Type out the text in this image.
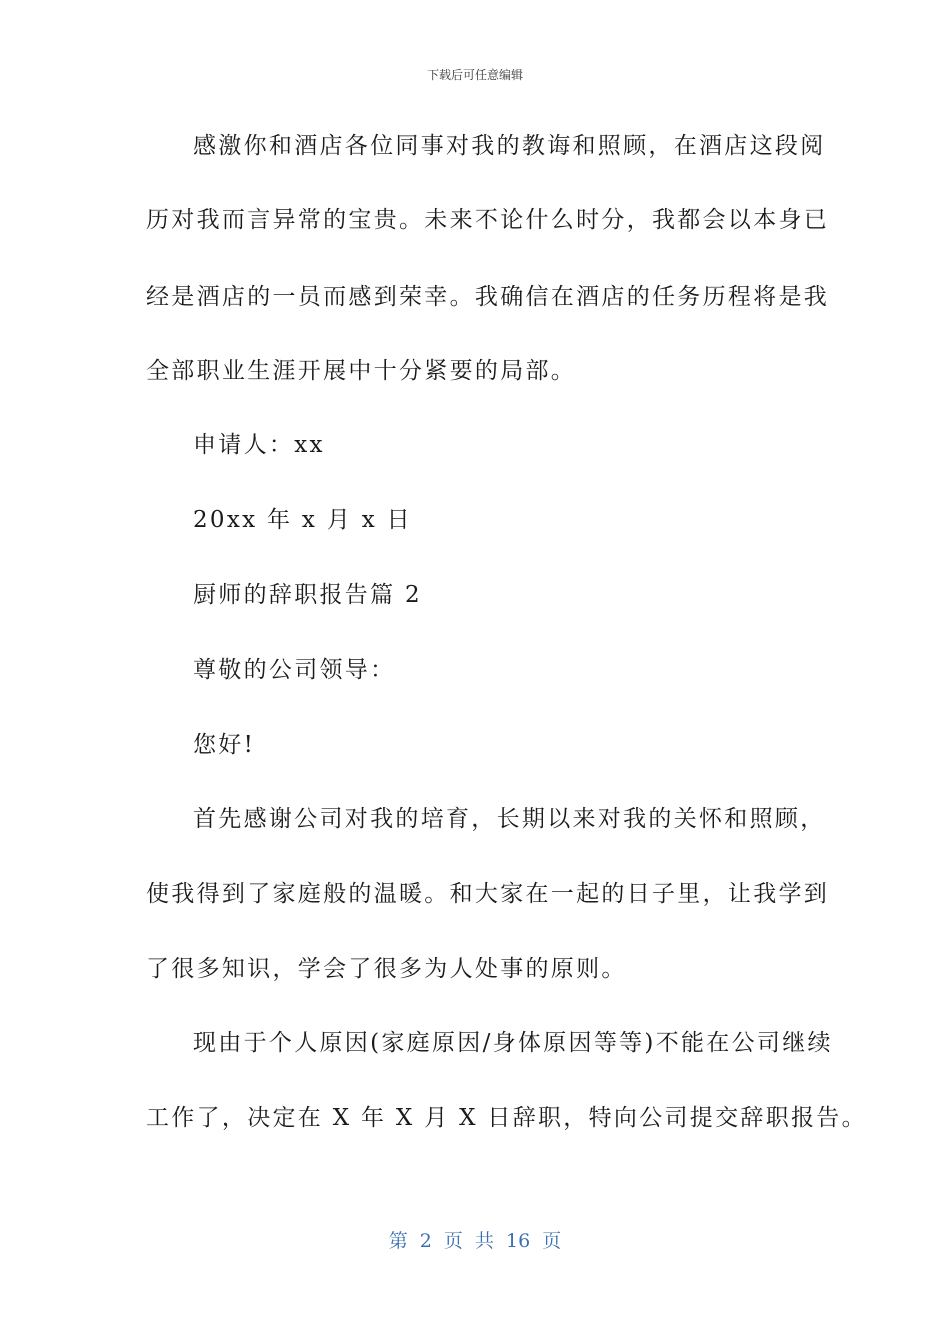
下载后可任意编辑
感激你和酒店各位同事对我的教诲和照顾，在酒店这段阅
历对我而言异常的宝贵。未来不论什么时分，我都会以本身已
经是酒店的一员而感到荣幸。我确信在酒店的任务历程将是我
全部职业生涯开展中十分紧要的局部。
申请人：xx
20xx 年 x 月 x 日
厨师的辞职报告篇 2
尊敬的公司领导：
您好!
首先感谢公司对我的培育，长期以来对我的关怀和照顾，
使我得到了家庭般的温暖。和大家在一起的日子里，让我学到
了很多知识，学会了很多为人处事的原则。
现由于个人原因(家庭原因/身体原因等等)不能在公司继续
工作了，决定在 X 年 X 月 X 日辞职，特向公司提交辞职报告。
第 2 页 共 16 页
